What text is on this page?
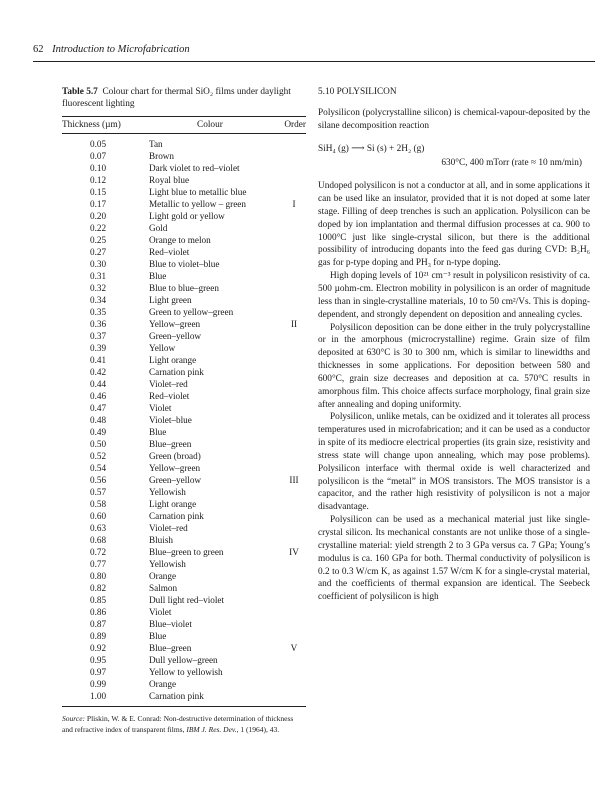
62 Introduction to Microfabrication
Table 5.7 Colour chart for thermal SiO₂ films under daylight fluorescent lighting
Thickness (µm)	Colour	Order
0.05	Tan
0.07	Brown
0.10	Dark violet to red–violet
0.12	Royal blue
0.15	Light blue to metallic blue
0.17	Metallic to yellow – green	I
0.20	Light gold or yellow
0.22	Gold
0.25	Orange to melon
0.27	Red–violet
0.30	Blue to violet–blue
0.31	Blue
0.32	Blue to blue–green
0.34	Light green
0.35	Green to yellow–green
0.36	Yellow–green	II
0.37	Green–yellow
0.39	Yellow
0.41	Light orange
0.42	Carnation pink
0.44	Violet–red
0.46	Red–violet
0.47	Violet
0.48	Violet–blue
0.49	Blue
0.50	Blue–green
0.52	Green (broad)
0.54	Yellow–green
0.56	Green–yellow	III
0.57	Yellowish
0.58	Light orange
0.60	Carnation pink
0.63	Violet–red
0.68	Bluish
0.72	Blue–green to green	IV
0.77	Yellowish
0.80	Orange
0.82	Salmon
0.85	Dull light red–violet
0.86	Violet
0.87	Blue–violet
0.89	Blue
0.92	Blue–green	V
0.95	Dull yellow–green
0.97	Yellow to yellowish
0.99	Orange
1.00	Carnation pink
Source: Pliskin, W. & E. Conrad: Non-destructive determination of thickness and refractive index of transparent films, IBM J. Res. Dev., 1 (1964), 43.
5.10 POLYSILICON

Polysilicon (polycrystalline silicon) is chemical-vapour-deposited by the silane decomposition reaction

SiH₄ (g) ⟶ Si (s) + 2H₂ (g)
630°C, 400 mTorr (rate ≈ 10 nm/min)

Undoped polysilicon is not a conductor at all, and in some applications it can be used like an insulator, provided that it is not doped at some later stage. Filling of deep trenches is such an application. Polysilicon can be doped by ion implantation and thermal diffusion processes at ca. 900 to 1000°C just like single-crystal silicon, but there is the additional possibility of introducing dopants into the feed gas during CVD: B₂H₆ gas for p-type doping and PH₃ for n-type doping.

High doping levels of 10²¹ cm⁻³ result in polysilicon resistivity of ca. 500 µohm-cm. Electron mobility in polysilicon is an order of magnitude less than in single-crystalline materials, 10 to 50 cm²/Vs. This is doping-dependent, and strongly dependent on deposition and annealing cycles.

Polysilicon deposition can be done either in the truly polycrystalline or in the amorphous (microcrystalline) regime. Grain size of film deposited at 630°C is 30 to 300 nm, which is similar to linewidths and thicknesses in some applications. For deposition between 580 and 600°C, grain size decreases and deposition at ca. 570°C results in amorphous film. This choice affects surface morphology, final grain size after annealing and doping uniformity.

Polysilicon, unlike metals, can be oxidized and it tolerates all process temperatures used in microfabrication; and it can be used as a conductor in spite of its mediocre electrical properties (its grain size, resistivity and stress state will change upon annealing, which may pose problems). Polysilicon interface with thermal oxide is well characterized and polysilicon is the “metal” in MOS transistors. The MOS transistor is a capacitor, and the rather high resistivity of polysilicon is not a major disadvantage.

Polysilicon can be used as a mechanical material just like single-crystal silicon. Its mechanical constants are not unlike those of a single-crystalline material: yield strength 2 to 3 GPa versus ca. 7 GPa; Young’s modulus is ca. 160 GPa for both. Thermal conductivity of polysilicon is 0.2 to 0.3 W/cm K, as against 1.57 W/cm K for a single-crystal material, and the coefficients of thermal expansion are identical. The Seebeck coefficient of polysilicon is high
